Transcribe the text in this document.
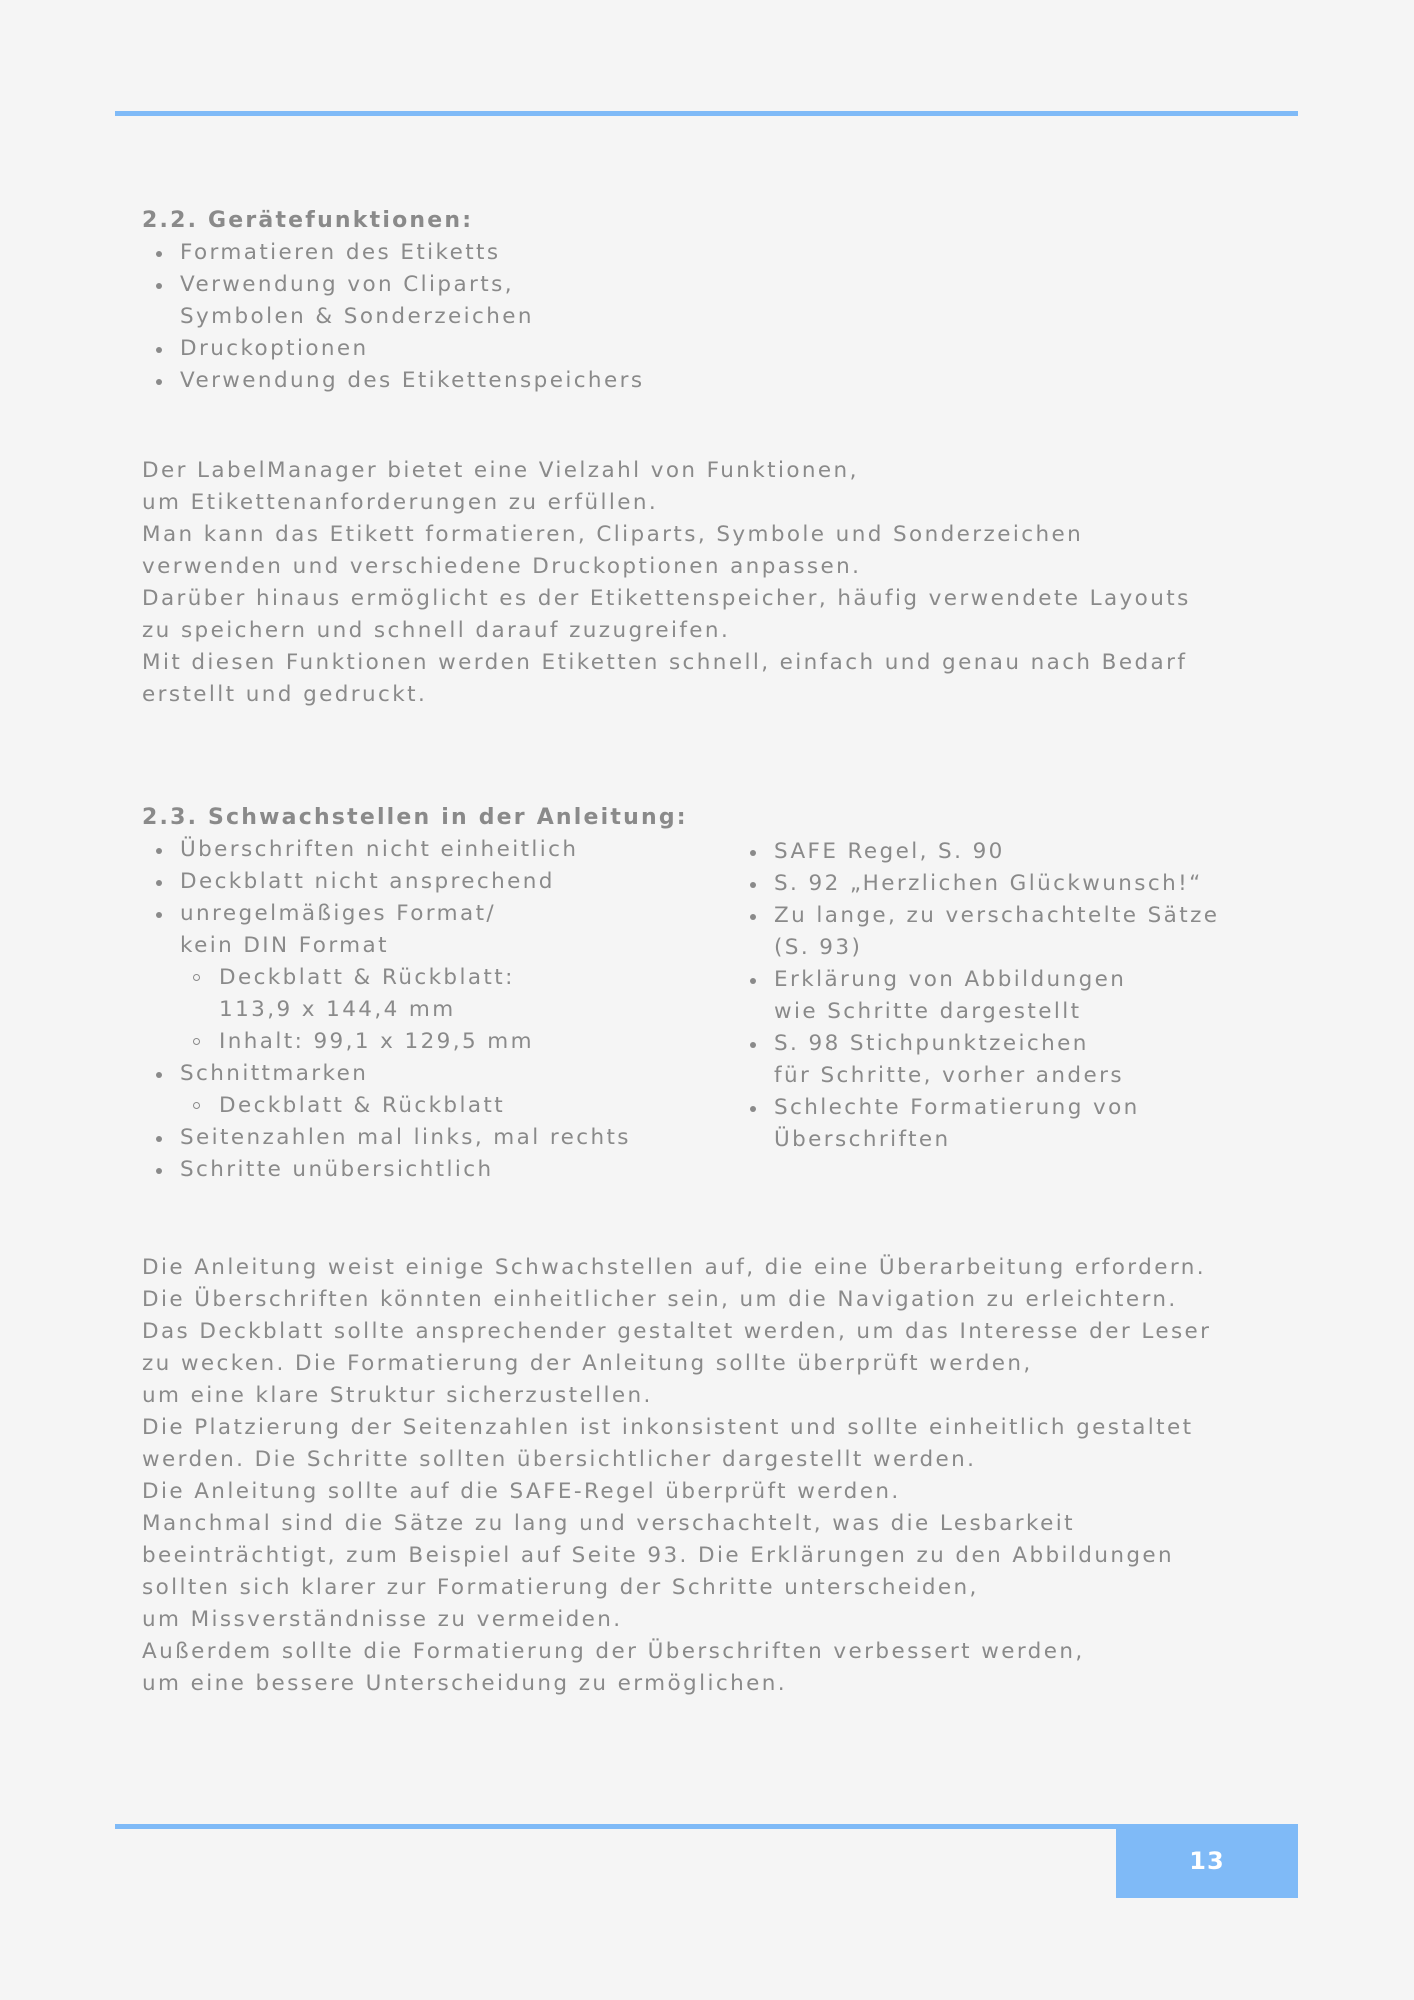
2.2. Gerätefunktionen:
Formatieren des Etiketts
Verwendung von Cliparts,
Symbolen & Sonderzeichen
Druckoptionen
Verwendung des Etikettenspeichers

Der LabelManager bietet eine Vielzahl von Funktionen,

um Etikettenanforderungen zu erfüllen.

Man kann das Etikett formatieren, Cliparts, Symbole und Sonderzeichen

verwenden und verschiedene Druckoptionen anpassen.

Darüber hinaus ermöglicht es der Etikettenspeicher, häufig verwendete Layouts

zu speichern und schnell darauf zuzugreifen.

Mit diesen Funktionen werden Etiketten schnell, einfach und genau nach Bedarf

erstellt und gedruckt.

2.3. Schwachstellen in der Anleitung:
Überschriften nicht einheitlich
Deckblatt nicht ansprechend
unregelmäßiges Format/
kein DIN Format
Deckblatt & Rückblatt:
113,9 x 144,4 mm
Inhalt: 99,1 x 129,5 mm
Schnittmarken
Deckblatt & Rückblatt
Seitenzahlen mal links, mal rechts
Schritte unübersichtlich
SAFE Regel, S. 90
S. 92 „Herzlichen Glückwunsch!“
Zu lange, zu verschachtelte Sätze
(S. 93)
Erklärung von Abbildungen
wie Schritte dargestellt
S. 98 Stichpunktzeichen
für Schritte, vorher anders
Schlechte Formatierung von
Überschriften

Die Anleitung weist einige Schwachstellen auf, die eine Überarbeitung erfordern.

Die Überschriften könnten einheitlicher sein, um die Navigation zu erleichtern.

Das Deckblatt sollte ansprechender gestaltet werden, um das Interesse der Leser

zu wecken. Die Formatierung der Anleitung sollte überprüft werden,

um eine klare Struktur sicherzustellen.

Die Platzierung der Seitenzahlen ist inkonsistent und sollte einheitlich gestaltet

werden. Die Schritte sollten übersichtlicher dargestellt werden.

Die Anleitung sollte auf die SAFE-Regel überprüft werden.

Manchmal sind die Sätze zu lang und verschachtelt, was die Lesbarkeit

beeinträchtigt, zum Beispiel auf Seite 93. Die Erklärungen zu den Abbildungen

sollten sich klarer zur Formatierung der Schritte unterscheiden,

um Missverständnisse zu vermeiden.

Außerdem sollte die Formatierung der Überschriften verbessert werden,

um eine bessere Unterscheidung zu ermöglichen.

13
